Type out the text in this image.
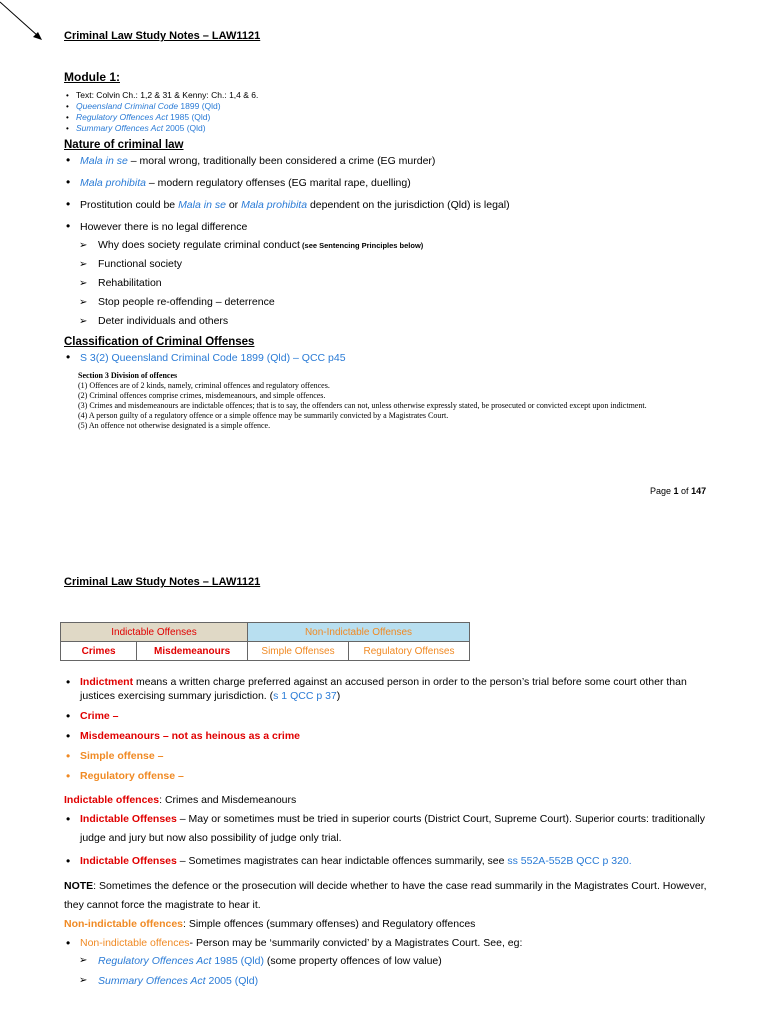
Criminal Law Study Notes – LAW1121

Module 1:

• Text: Colvin Ch.: 1,2 & 31 & Kenny: Ch.: 1,4 & 6.
• Queensland Criminal Code 1899 (Qld)
• Regulatory Offences Act 1985 (Qld)
• Summary Offences Act 2005 (Qld)

Nature of criminal law

• Mala in se – moral wrong, traditionally been considered a crime (EG murder)
• Mala prohibita – modern regulatory offenses (EG marital rape, duelling)
• Prostitution could be Mala in se or Mala prohibita dependent on the jurisdiction (Qld) is legal)
• However there is no legal difference
➢ Why does society regulate criminal conduct (see Sentencing Principles below)
➢ Functional society
➢ Rehabilitation
➢ Stop people re-offending – deterrence
➢ Deter individuals and others

Classification of Criminal Offenses

• S 3(2) Queensland Criminal Code 1899 (Qld) – QCC p45

Section 3 Division of offences

(1) Offences are of 2 kinds, namely, criminal offences and regulatory offences.

(2) Criminal offences comprise crimes, misdemeanours, and simple offences.

(3) Crimes and misdemeanours are indictable offences; that is to say, the offenders can not, unless otherwise expressly stated, be prosecuted or convicted except upon indictment.

(4) A person guilty of a regulatory offence or a simple offence may be summarily convicted by a Magistrates Court.

(5) An offence not otherwise designated is a simple offence.

Page 1 of 147

Criminal Law Study Notes – LAW1121

Indictable Offenses		Non-Indictable Offenses	
Crimes	Misdemeanours	Simple Offenses	Regulatory Offenses
• Indictment means a written charge preferred against an accused person in order to the person’s trial before some court other than justices exercising summary jurisdiction. (s 1 QCC p 37)
• Crime –
• Misdemeanours – not as heinous as a crime
• Simple offense –
• Regulatory offense –

Indictable offences: Crimes and Misdemeanours

• Indictable Offenses – May or sometimes must be tried in superior courts (District Court, Supreme Court). Superior courts: traditionally judge and jury but now also possibility of judge only trial.
• Indictable Offenses – Sometimes magistrates can hear indictable offences summarily, see ss 552A-552B QCC p 320.

NOTE: Sometimes the defence or the prosecution will decide whether to have the case read summarily in the Magistrates Court. However, they cannot force the magistrate to hear it.

Non-indictable offences: Simple offences (summary offenses) and Regulatory offences

• Non-indictable offences- Person may be ‘summarily convicted’ by a Magistrates Court. See, eg:
➢ Regulatory Offences Act 1985 (Qld) (some property offences of low value)
➢ Summary Offences Act 2005 (Qld)
